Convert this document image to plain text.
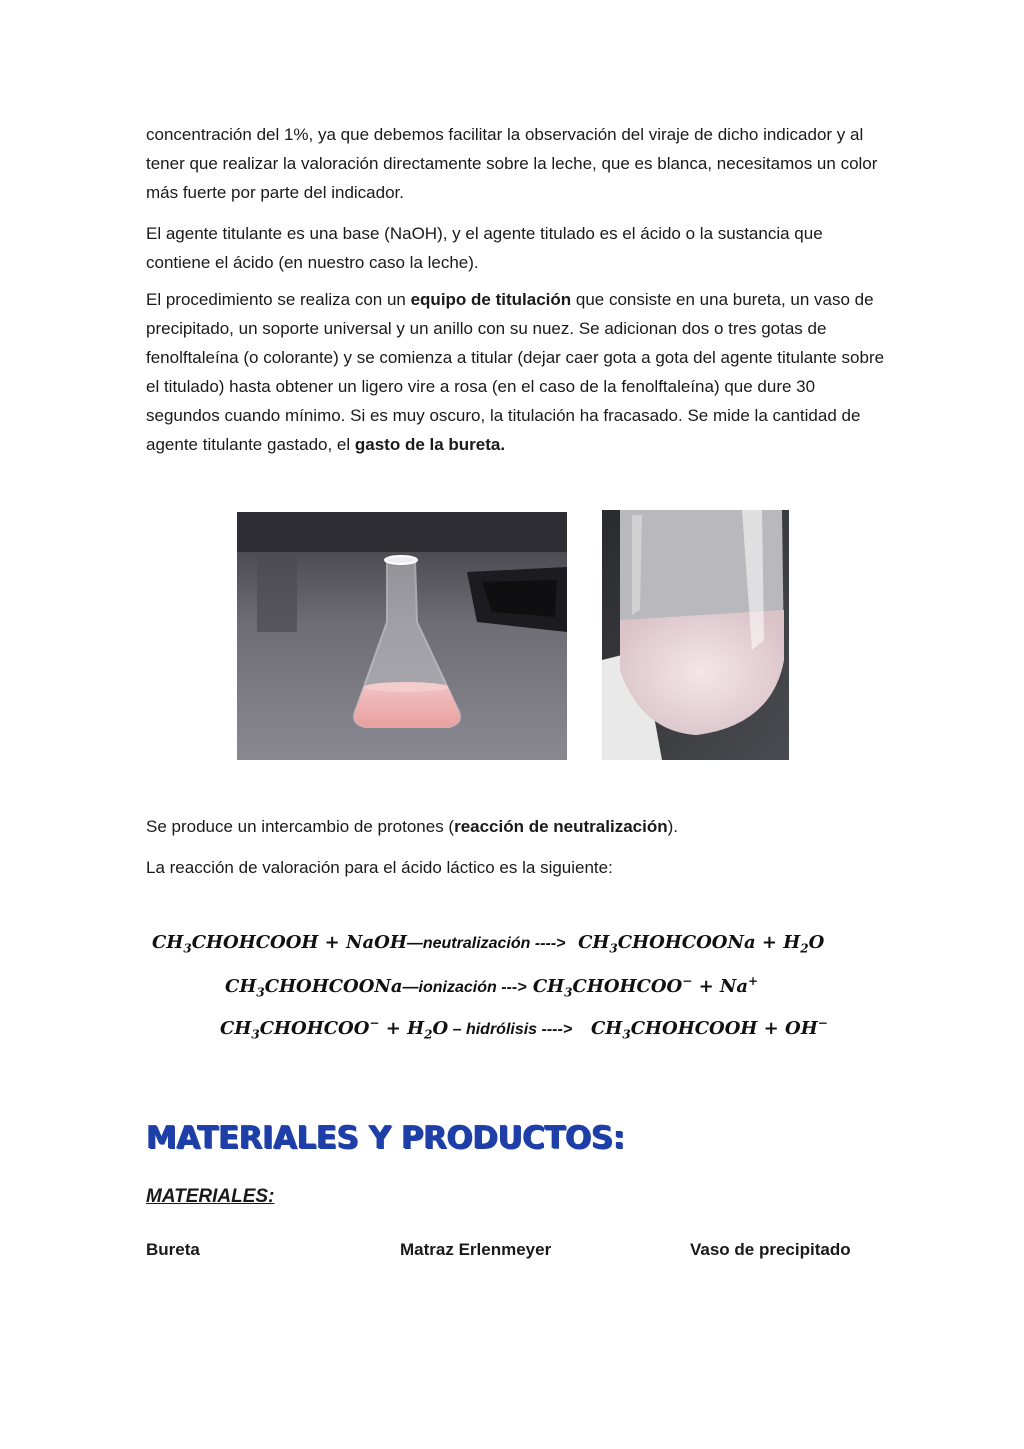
concentración del 1%, ya que debemos facilitar la observación del viraje de dicho indicador y al tener que realizar la valoración directamente sobre la leche, que es blanca, necesitamos un color más fuerte por parte del indicador.

El agente titulante es una base (NaOH), y el agente titulado es el ácido o la sustancia que contiene el ácido (en nuestro caso la leche).

El procedimiento se realiza con un equipo de titulación que consiste en una bureta, un vaso de precipitado, un soporte universal y un anillo con su nuez. Se adicionan dos o tres gotas de fenolftaleína (o colorante) y se comienza a titular (dejar caer gota a gota del agente titulante sobre el titulado) hasta obtener un ligero vire a rosa (en el caso de la fenolftaleína) que dure 30 segundos cuando mínimo. Si es muy oscuro, la titulación ha fracasado. Se mide la cantidad de agente titulante gastado, el gasto de la bureta.

Se produce un intercambio de protones (reacción de neutralización).

La reacción de valoración para el ácido láctico es la siguiente:

$CH_3CHOHCOOH$ + NaOH—neutralización ----> $CH_3CHOHCOONa + H_2O$
$CH_3CHOHCOONa—ionización$ ---> $CH_3CHOHCOO^- + Na^+$
$CH_3CHOHCOO^- + H_2O$ – hidrólisis ----> $CH_3CHOHCOOH + OH^-$
MATERIALES Y PRODUCTOS:
MATERIALES:
Bureta	Matraz Erlenmeyer	Vaso de precipitado
